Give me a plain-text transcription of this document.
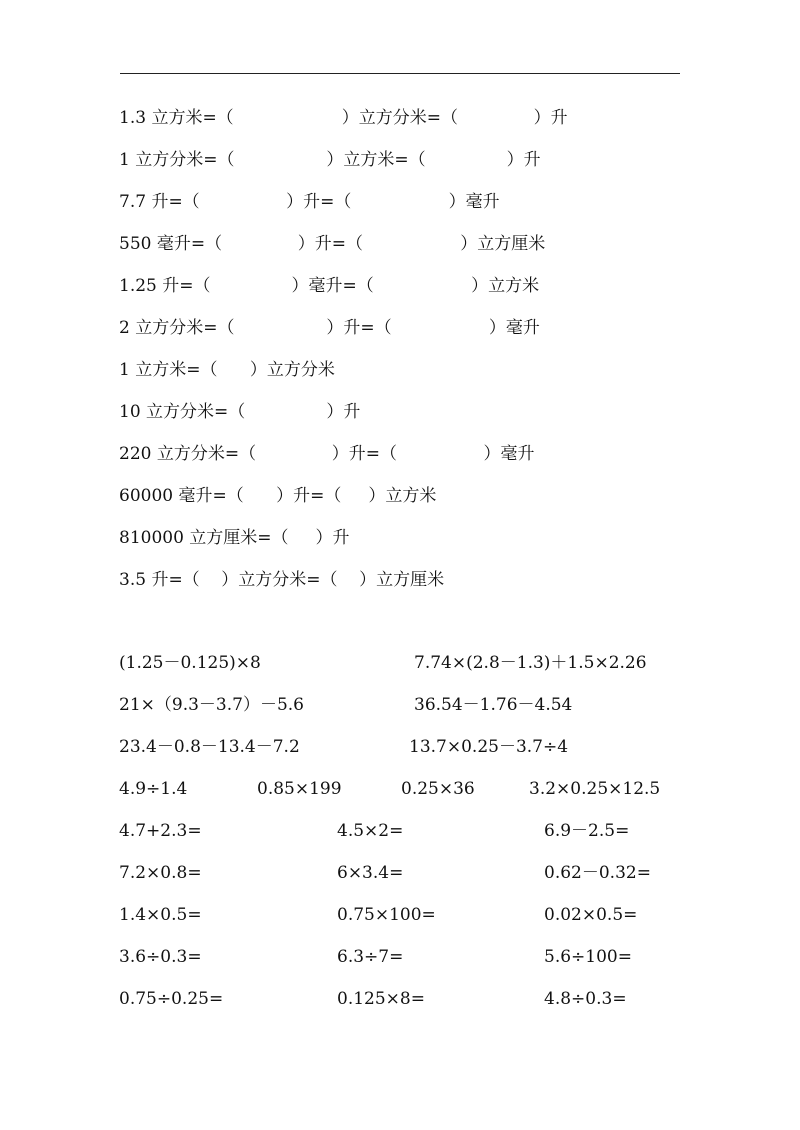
1.3 立方米=（                    ）立方分米=（              ）升
1 立方分米=（                 ）立方米=（               ）升
7.7 升=（                ）升=（                  ）毫升
550 毫升=（              ）升=（                  ）立方厘米
1.25 升=（               ）毫升=（                  ）立方米
2 立方分米=（                 ）升=（                  ）毫升
1 立方米=（      ）立方分米
10 立方分米=（               ）升
220 立方分米=（              ）升=（                ）毫升
60000 毫升=（      ）升=（     ）立方米
810000 立方厘米=（     ）升
3.5 升=（    ）立方分米=（    ）立方厘米
(1.25－0.125)×8	7.74×(2.8－1.3)＋1.5×2.26
21×（9.3－3.7）－5.6	36.54－1.76－4.54
23.4－0.8－13.4－7.2	13.7×0.25－3.7÷4
4.9÷1.4	0.85×199	0.25×36	3.2×0.25×12.5
4.7+2.3=	4.5×2=	6.9－2.5=
7.2×0.8=	6×3.4=	0.62－0.32=
1.4×0.5=	0.75×100=	0.02×0.5=
3.6÷0.3=	6.3÷7=	5.6÷100=
0.75÷0.25=	0.125×8=	4.8÷0.3=
